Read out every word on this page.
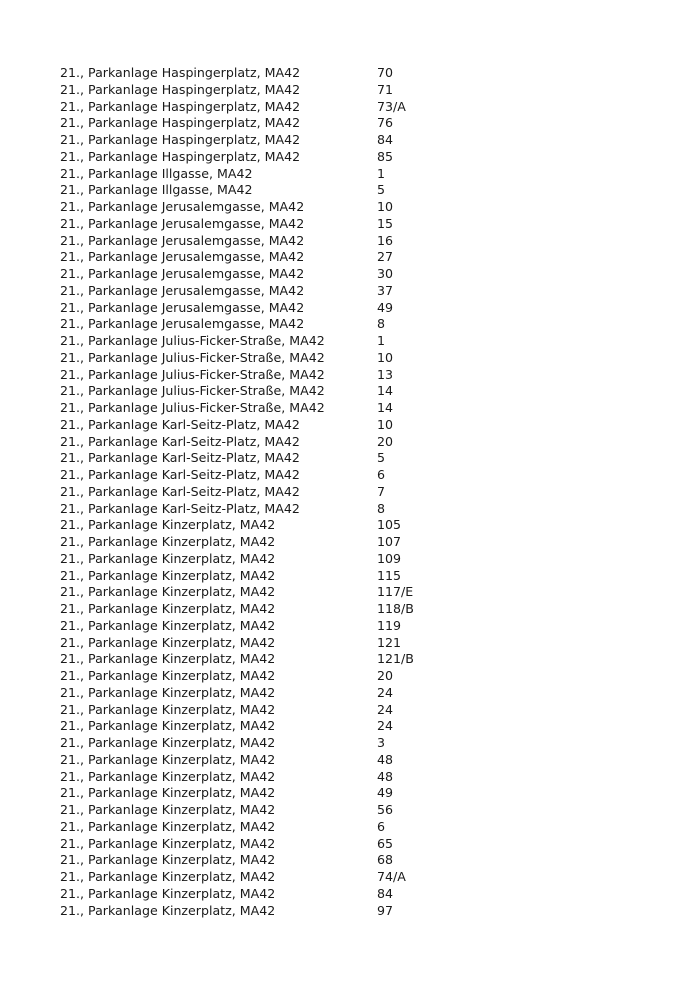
21., Parkanlage Haspingerplatz, MA42	70
21., Parkanlage Haspingerplatz, MA42	71
21., Parkanlage Haspingerplatz, MA42	73/A
21., Parkanlage Haspingerplatz, MA42	76
21., Parkanlage Haspingerplatz, MA42	84
21., Parkanlage Haspingerplatz, MA42	85
21., Parkanlage Illgasse, MA42	1
21., Parkanlage Illgasse, MA42	5
21., Parkanlage Jerusalemgasse, MA42	10
21., Parkanlage Jerusalemgasse, MA42	15
21., Parkanlage Jerusalemgasse, MA42	16
21., Parkanlage Jerusalemgasse, MA42	27
21., Parkanlage Jerusalemgasse, MA42	30
21., Parkanlage Jerusalemgasse, MA42	37
21., Parkanlage Jerusalemgasse, MA42	49
21., Parkanlage Jerusalemgasse, MA42	8
21., Parkanlage Julius-Ficker-Straße, MA42	1
21., Parkanlage Julius-Ficker-Straße, MA42	10
21., Parkanlage Julius-Ficker-Straße, MA42	13
21., Parkanlage Julius-Ficker-Straße, MA42	14
21., Parkanlage Julius-Ficker-Straße, MA42	14
21., Parkanlage Karl-Seitz-Platz, MA42	10
21., Parkanlage Karl-Seitz-Platz, MA42	20
21., Parkanlage Karl-Seitz-Platz, MA42	5
21., Parkanlage Karl-Seitz-Platz, MA42	6
21., Parkanlage Karl-Seitz-Platz, MA42	7
21., Parkanlage Karl-Seitz-Platz, MA42	8
21., Parkanlage Kinzerplatz, MA42	105
21., Parkanlage Kinzerplatz, MA42	107
21., Parkanlage Kinzerplatz, MA42	109
21., Parkanlage Kinzerplatz, MA42	115
21., Parkanlage Kinzerplatz, MA42	117/E
21., Parkanlage Kinzerplatz, MA42	118/B
21., Parkanlage Kinzerplatz, MA42	119
21., Parkanlage Kinzerplatz, MA42	121
21., Parkanlage Kinzerplatz, MA42	121/B
21., Parkanlage Kinzerplatz, MA42	20
21., Parkanlage Kinzerplatz, MA42	24
21., Parkanlage Kinzerplatz, MA42	24
21., Parkanlage Kinzerplatz, MA42	24
21., Parkanlage Kinzerplatz, MA42	3
21., Parkanlage Kinzerplatz, MA42	48
21., Parkanlage Kinzerplatz, MA42	48
21., Parkanlage Kinzerplatz, MA42	49
21., Parkanlage Kinzerplatz, MA42	56
21., Parkanlage Kinzerplatz, MA42	6
21., Parkanlage Kinzerplatz, MA42	65
21., Parkanlage Kinzerplatz, MA42	68
21., Parkanlage Kinzerplatz, MA42	74/A
21., Parkanlage Kinzerplatz, MA42	84
21., Parkanlage Kinzerplatz, MA42	97
